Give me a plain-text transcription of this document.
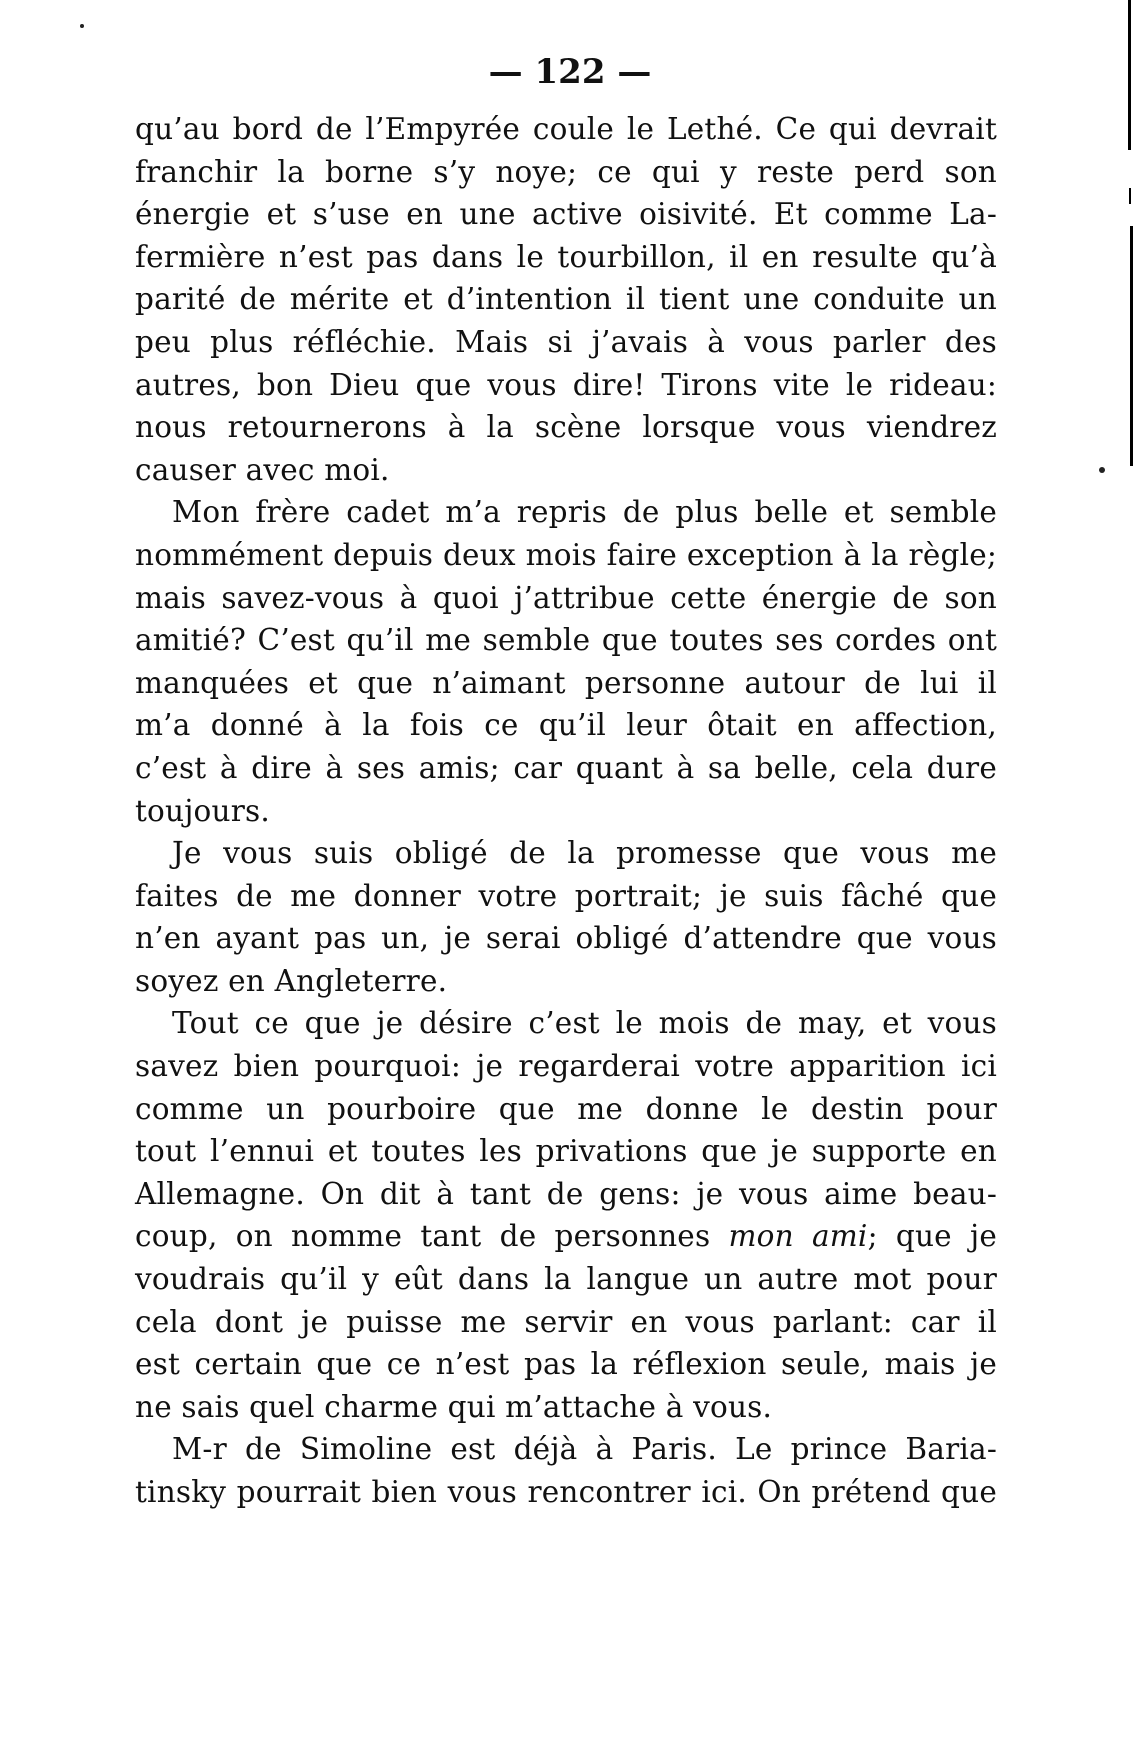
— 122 —
qu’au bord de l’Empyrée coule le Lethé. Ce qui devrait
franchir la borne s’y noye; ce qui y reste perd son
énergie et s’use en une active oisivité. Et comme La-
fermière n’est pas dans le tourbillon, il en resulte qu’à
parité de mérite et d’intention il tient une conduite un
peu plus réfléchie. Mais si j’avais à vous parler des
autres, bon Dieu que vous dire! Tirons vite le rideau:
nous retournerons à la scène lorsque vous viendrez
causer avec moi.
Mon frère cadet m’a repris de plus belle et semble
nommément depuis deux mois faire exception à la règle;
mais savez-vous à quoi j’attribue cette énergie de son
amitié? C’est qu’il me semble que toutes ses cordes ont
manquées et que n’aimant personne autour de lui il
m’a donné à la fois ce qu’il leur ôtait en affection,
c’est à dire à ses amis; car quant à sa belle, cela dure
toujours.
Je vous suis obligé de la promesse que vous me
faites de me donner votre portrait; je suis fâché que
n’en ayant pas un, je serai obligé d’attendre que vous
soyez en Angleterre.
Tout ce que je désire c’est le mois de may, et vous
savez bien pourquoi: je regarderai votre apparition ici
comme un pourboire que me donne le destin pour
tout l’ennui et toutes les privations que je supporte en
Allemagne. On dit à tant de gens: je vous aime beau-
coup, on nomme tant de personnes mon ami; que je
voudrais qu’il y eût dans la langue un autre mot pour
cela dont je puisse me servir en vous parlant: car il
est certain que ce n’est pas la réflexion seule, mais je
ne sais quel charme qui m’attache à vous.
M-r de Simoline est déjà à Paris. Le prince Baria-
tinsky pourrait bien vous rencontrer ici. On prétend que
